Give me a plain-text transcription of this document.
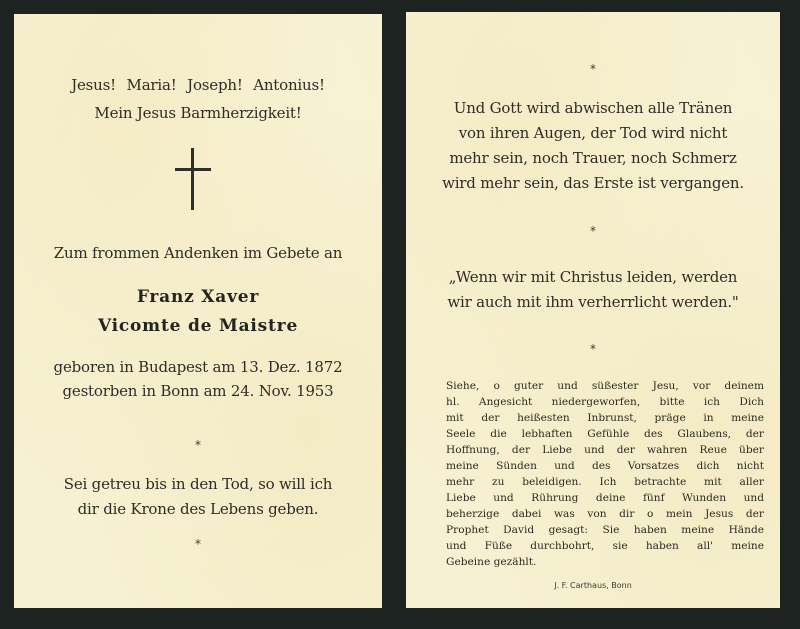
Jesus! Maria! Joseph! Antonius!
Mein Jesus Barmherzigkeit!
Zum frommen Andenken im Gebete an
Franz Xaver
Vicomte de Maistre
geboren in Budapest am 13. Dez. 1872
gestorben in Bonn am 24. Nov. 1953
*
Sei getreu bis in den Tod, so will ich
dir die Krone des Lebens geben.
*
*
Und Gott wird abwischen alle Tränen
von ihren Augen, der Tod wird nicht
mehr sein, noch Trauer, noch Schmerz
wird mehr sein, das Erste ist vergangen.
*
„Wenn wir mit Christus leiden, werden
wir auch mit ihm verherrlicht werden."
*
Siehe, o guter und süßester Jesu, vor deinem
hl. Angesicht niedergeworfen, bitte ich Dich
mit der heißesten Inbrunst, präge in meine
Seele die lebhaften Gefühle des Glaubens, der
Hoffnung, der Liebe und der wahren Reue über
meine Sünden und des Vorsatzes dich nicht
mehr zu beleidigen. Ich betrachte mit aller
Liebe und Rührung deine fünf Wunden und
beherzige dabei was von dir o mein Jesus der
Prophet David gesagt: Sie haben meine Hände
und Füße durchbohrt, sie haben all' meine
Gebeine gezählt.
J. F. Carthaus, Bonn
